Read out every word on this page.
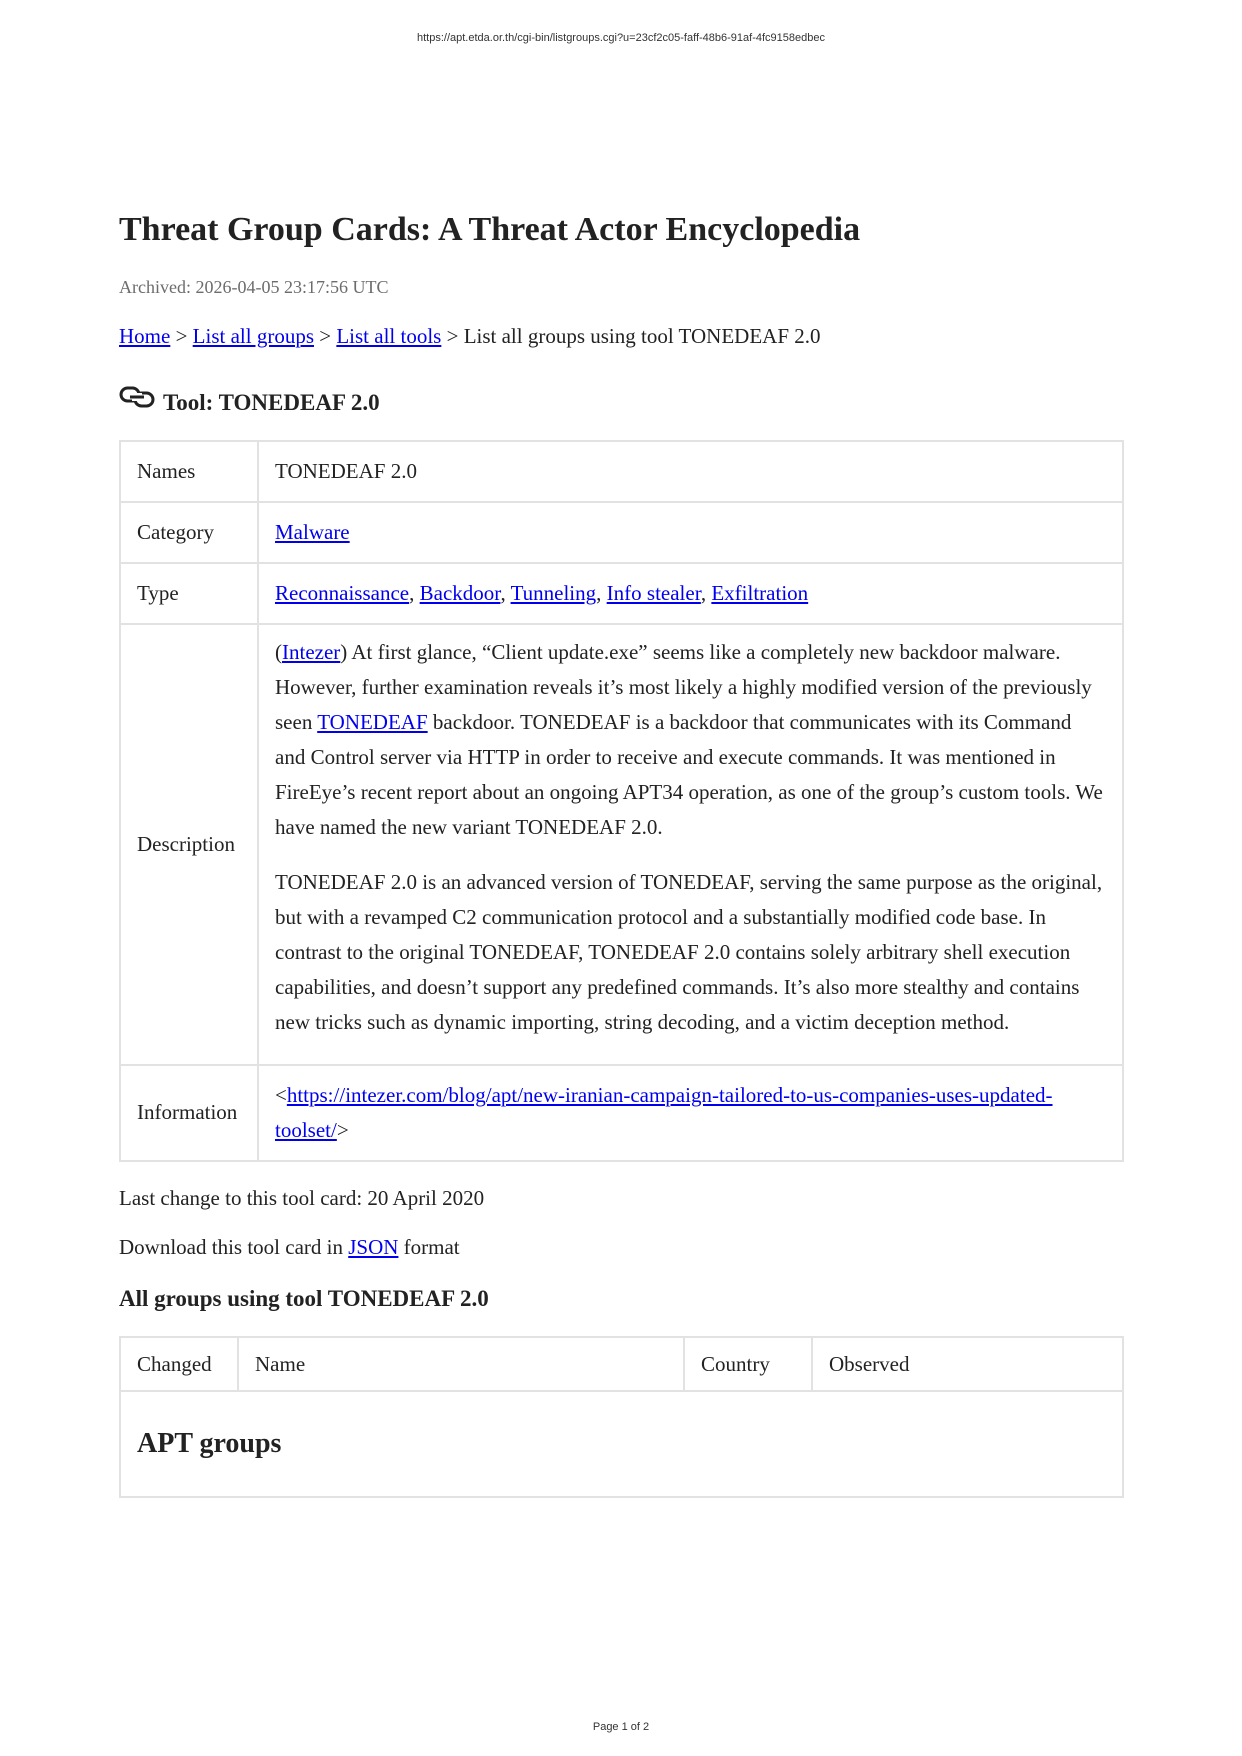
https://apt.etda.or.th/cgi-bin/listgroups.cgi?u=23cf2c05-faff-48b6-91af-4fc9158edbec
Threat Group Cards: A Threat Actor Encyclopedia
Archived: 2026-04-05 23:17:56 UTC
Home > List all groups > List all tools > List all groups using tool TONEDEAF 2.0
Tool: TONEDEAF 2.0
Names	TONEDEAF 2.0
Category	Malware
Type	Reconnaissance, Backdoor, Tunneling, Info stealer, Exfiltration
Description	(Intezer) At first glance, “Client update.exe” seems like a completely new backdoor malware. However, further examination reveals it’s most likely a highly modified version of the previously seen TONEDEAF backdoor. TONEDEAF is a backdoor that communicates with its Command and Control server via HTTP in order to receive and execute commands. It was mentioned in FireEye’s recent report about an ongoing APT34 operation, as one of the group’s custom tools. We have named the new variant TONEDEAF 2.0.

TONEDEAF 2.0 is an advanced version of TONEDEAF, serving the same purpose as the original, but with a revamped C2 communication protocol and a substantially modified code base. In contrast to the original TONEDEAF, TONEDEAF 2.0 contains solely arbitrary shell execution capabilities, and doesn’t support any predefined commands. It’s also more stealthy and contains new tricks such as dynamic importing, string decoding, and a victim deception method.

Information	<https://intezer.com/blog/apt/new-iranian-campaign-tailored-to-us-companies-uses-updated-toolset/>
Last change to this tool card: 20 April 2020
Download this tool card in JSON format
All groups using tool TONEDEAF 2.0
Changed	Name	Country	Observed
APT groups
Page 1 of 2
